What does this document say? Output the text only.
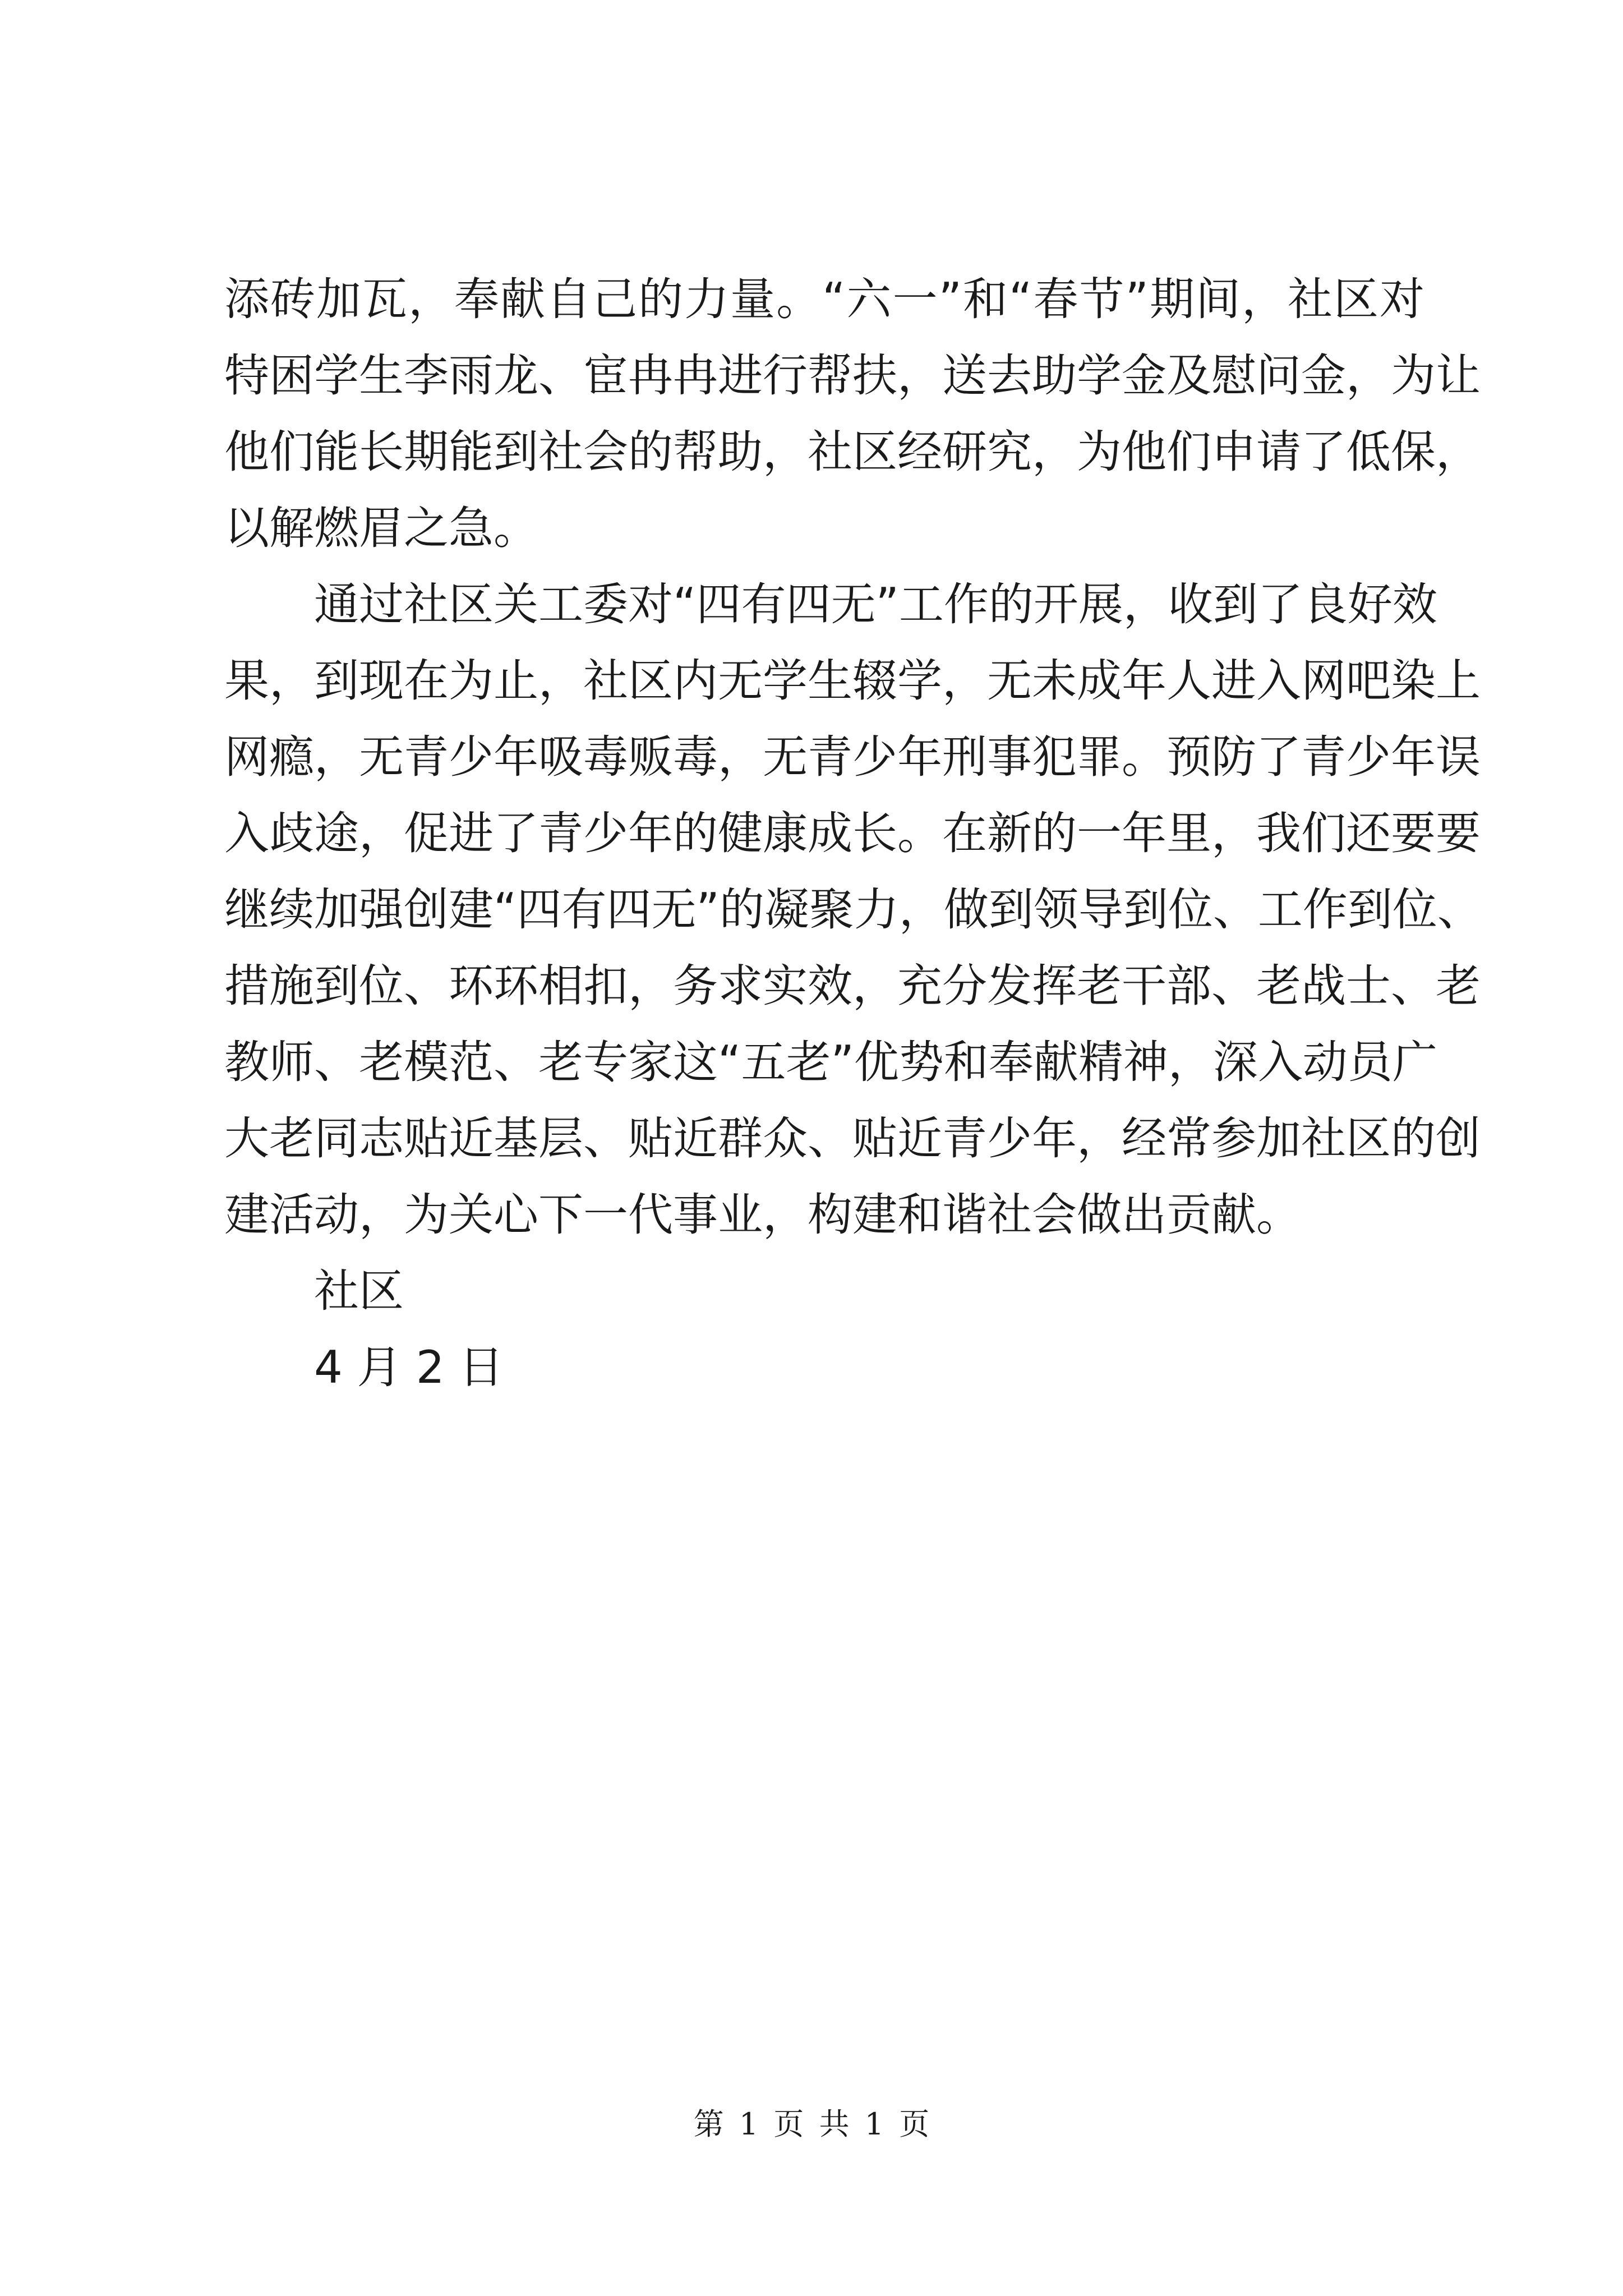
添砖加瓦，奉献自己的力量。“六一”和“春节”期间，社区对
特困学生李雨龙、宦冉冉进行帮扶，送去助学金及慰问金，为让
他们能长期能到社会的帮助，社区经研究，为他们申请了低保，
以解燃眉之急。
通过社区关工委对“四有四无”工作的开展，收到了良好效
果，到现在为止，社区内无学生辍学，无未成年人进入网吧染上
网瘾，无青少年吸毒贩毒，无青少年刑事犯罪。预防了青少年误
入歧途，促进了青少年的健康成长。在新的一年里，我们还要要
继续加强创建“四有四无”的凝聚力，做到领导到位、工作到位、
措施到位、环环相扣，务求实效，充分发挥老干部、老战士、老
教师、老模范、老专家这“五老”优势和奉献精神，深入动员广
大老同志贴近基层、贴近群众、贴近青少年，经常参加社区的创
建活动，为关心下一代事业，构建和谐社会做出贡献。
社区
4 月 2 日
第 1 页 共 1 页
